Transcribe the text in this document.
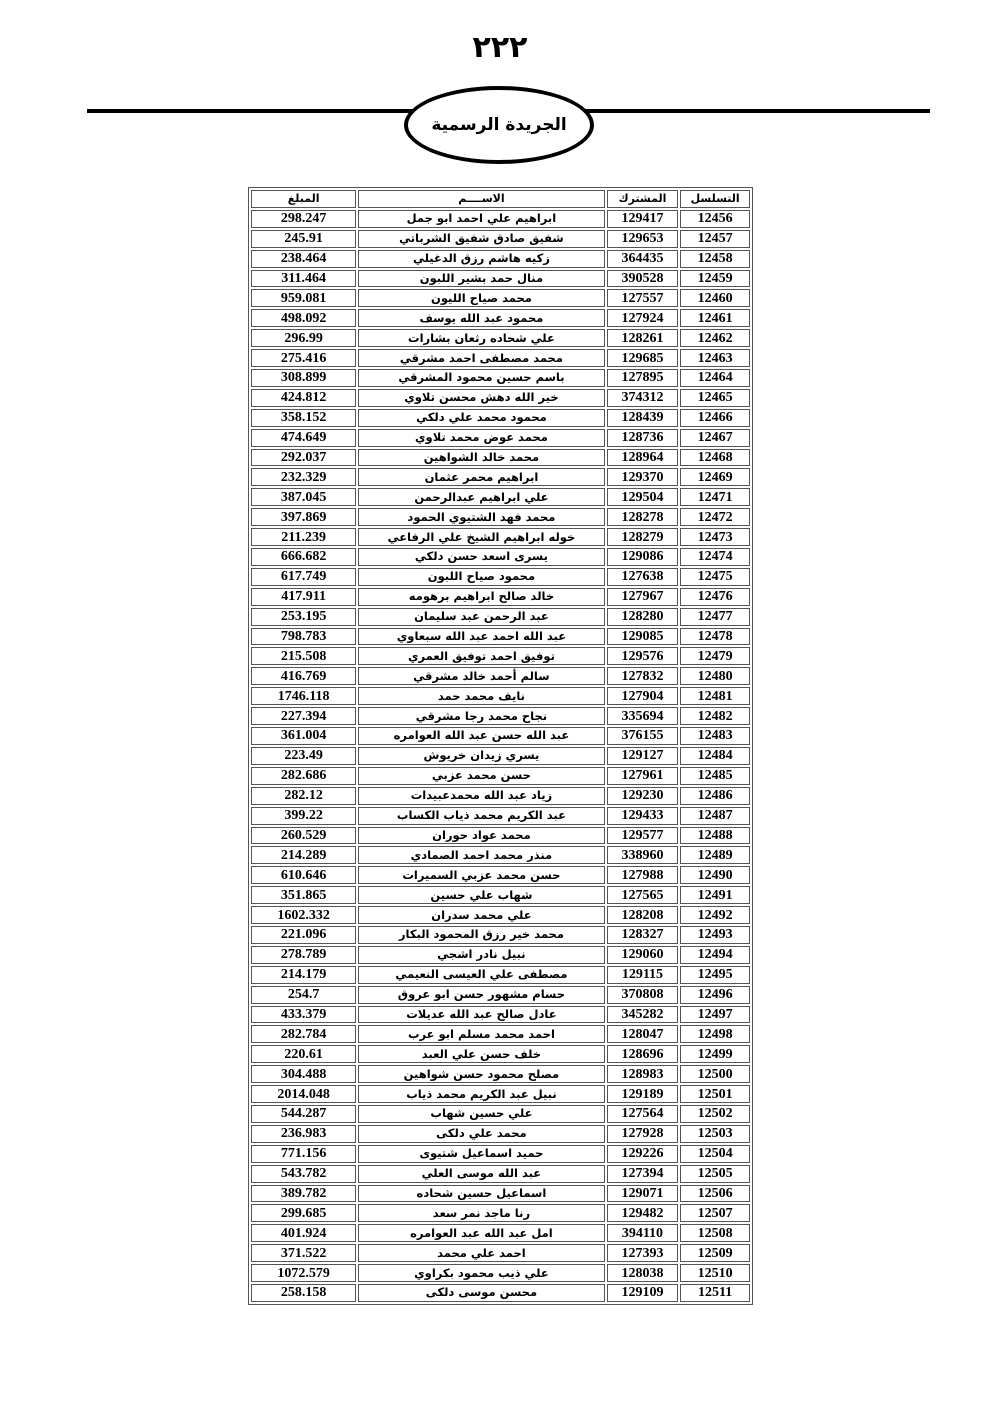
٢٢٢
الجريدة الرسمية
التسلسل	المشترك	الاســــم	المبلغ
12456	129417	ابراهيم علي احمد ابو جمل	298.247
12457	129653	شفيق صادق شفيق الشرباتي	245.91
12458	364435	زكيه هاشم رزق الدغيلي	238.464
12459	390528	منال حمد بشير اللبون	311.464
12460	127557	محمد صياح الليون	959.081
12461	127924	محمود عبد الله يوسف	498.092
12462	128261	علي شحاده رثعان بشارات	296.99
12463	129685	محمد مصطفى احمد مشرقي	275.416
12464	127895	باسم حسين محمود المشرقي	308.899
12465	374312	خير الله دهش محسن تلاوي	424.812
12466	128439	محمود محمد علي دلكي	358.152
12467	128736	محمد عوض محمد تلاوي	474.649
12468	128964	محمد خالد الشواهين	292.037
12469	129370	ابراهيم محمر عثمان	232.329
12471	129504	علي ابراهيم عبدالرحمن	387.045
12472	128278	محمد فهد الشتيوي الحمود	397.869
12473	128279	خوله ابراهيم الشيخ علي الرفاعي	211.239
12474	129086	يسرى اسعد حسن دلكي	666.682
12475	127638	محمود صياح اللبون	617.749
12476	127967	خالد صالح ابراهيم برهومه	417.911
12477	128280	عبد الرحمن عبد سليمان	253.195
12478	129085	عبد الله احمد عبد الله سبعاوي	798.783
12479	129576	توفيق احمد توفيق العمري	215.508
12480	127832	سالم أحمد خالد مشرقي	416.769
12481	127904	نايف محمد حمد	1746.118
12482	335694	نجاح محمد رجا مشرقي	227.394
12483	376155	عبد الله حسن عبد الله العوامره	361.004
12484	129127	يسري زيدان خريوش	223.49
12485	127961	حسن محمد عزبي	282.686
12486	129230	زياد عبد الله محمدعبيدات	282.12
12487	129433	عبد الكريم محمد ذياب الكساب	399.22
12488	129577	محمد عواد حوران	260.529
12489	338960	منذر محمد احمد الصمادي	214.289
12490	127988	حسن محمد عزبي السميرات	610.646
12491	127565	شهاب علي حسين	351.865
12492	128208	علي محمد سدران	1602.332
12493	128327	محمد خير رزق المحمود البكار	221.096
12494	129060	نبيل نادر اشجي	278.789
12495	129115	مصطفى علي العيسى النعيمي	214.179
12496	370808	حسام مشهور حسن ابو عروق	254.7
12497	345282	عادل صالح عبد الله عديلات	433.379
12498	128047	احمد محمد مسلم ابو عرب	282.784
12499	128696	خلف حسن علي العبد	220.61
12500	128983	مصلح محمود حسن شواهين	304.488
12501	129189	نبيل عبد الكريم محمد ذياب	2014.048
12502	127564	علي حسين شهاب	544.287
12503	127928	محمد علي دلكى	236.983
12504	129226	حميد اسماعيل شتيوى	771.156
12505	127394	عبد الله موسى العلي	543.782
12506	129071	اسماعيل حسين شحاده	389.782
12507	129482	رنا ماجد نمر سعد	299.685
12508	394110	امل عبد الله عبد العوامره	401.924
12509	127393	احمد علي محمد	371.522
12510	128038	علي ذيب محمود بكراوي	1072.579
12511	129109	محسن موسى دلكى	258.158
